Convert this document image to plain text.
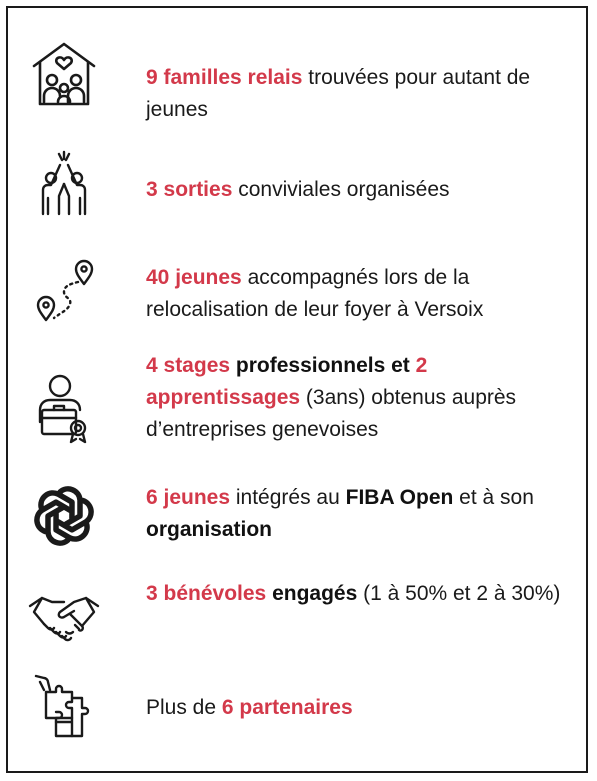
9 familles relais trouvées pour autant de jeunes
3 sorties conviviales organisées
40 jeunes accompagnés lors de la relocalisation de leur foyer à Versoix
4 stages professionnels et 2 apprentissages (3ans) obtenus auprès d’entreprises genevoises
6 jeunes intégrés au FIBA Open et à son organisation
3 bénévoles engagés (1 à 50% et 2 à 30%)
Plus de 6 partenaires
